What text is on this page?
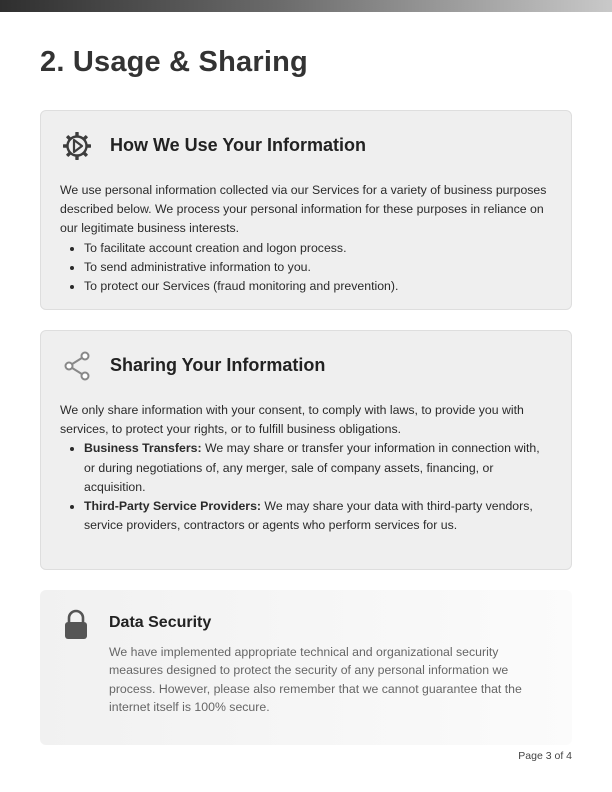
2. Usage & Sharing
How We Use Your Information

We use personal information collected via our Services for a variety of business purposes described below. We process your personal information for these purposes in reliance on our legitimate business interests.

• To facilitate account creation and logon process.
• To send administrative information to you.
• To protect our Services (fraud monitoring and prevention).
Sharing Your Information

We only share information with your consent, to comply with laws, to provide you with services, to protect your rights, or to fulfill business obligations.

• Business Transfers: We may share or transfer your information in connection with, or during negotiations of, any merger, sale of company assets, financing, or acquisition.
• Third-Party Service Providers: We may share your data with third-party vendors, service providers, contractors or agents who perform services for us.
Data Security
We have implemented appropriate technical and organizational security measures designed to protect the security of any personal information we process. However, please also remember that we cannot guarantee that the internet itself is 100% secure.
Page 3 of 4
